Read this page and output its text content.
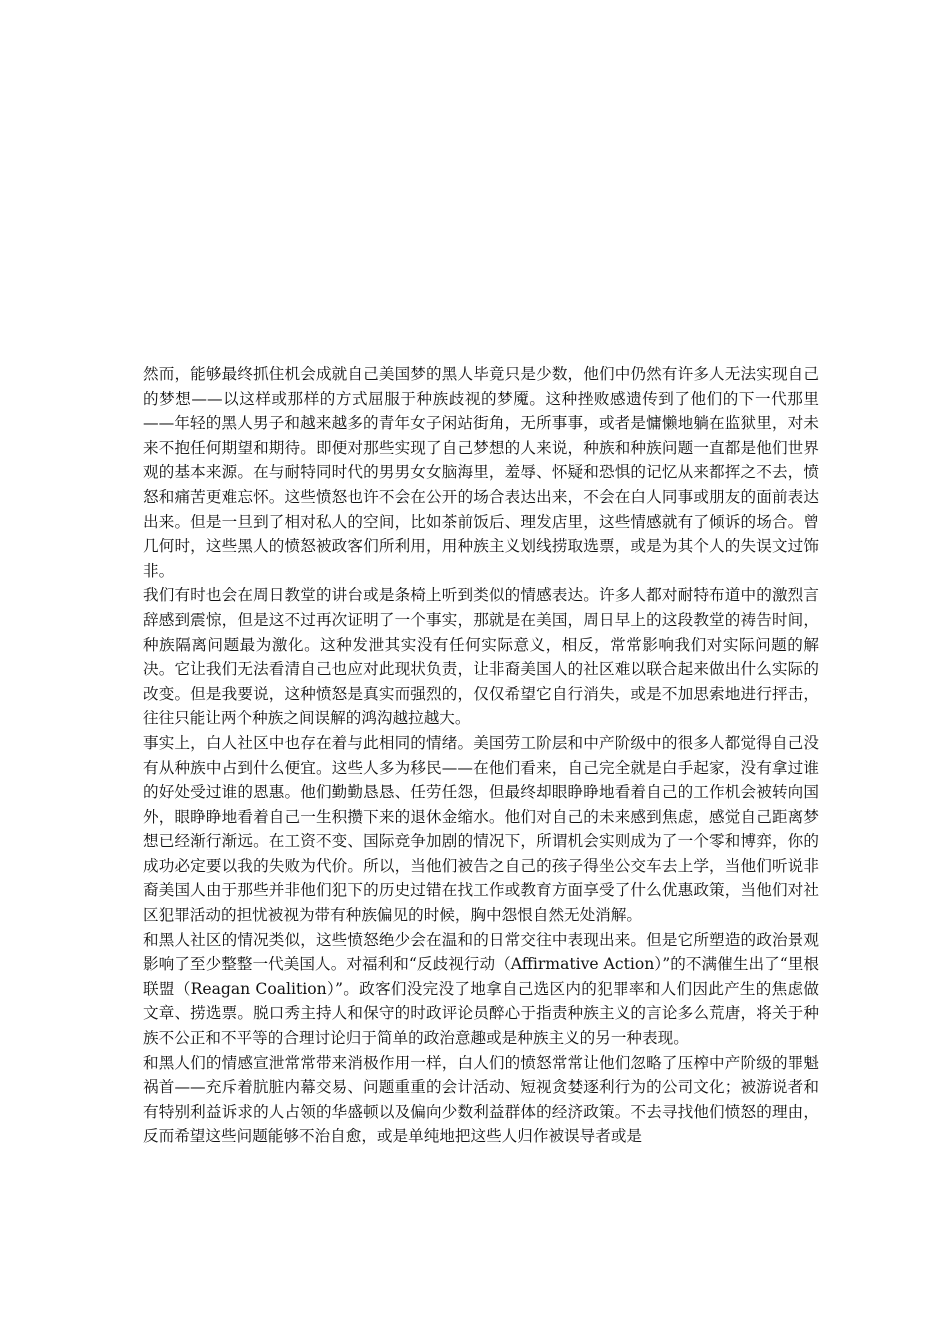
然而，能够最终抓住机会成就自己美国梦的黑人毕竟只是少数，他们中仍然有许多人无法实现自己的梦想——以这样或那样的方式屈服于种族歧视的梦魇。这种挫败感遗传到了他们的下一代那里——年轻的黑人男子和越来越多的青年女子闲站街角，无所事事，或者是慵懒地躺在监狱里，对未来不抱任何期望和期待。即便对那些实现了自己梦想的人来说，种族和种族问题一直都是他们世界观的基本来源。在与耐特同时代的男男女女脑海里，羞辱、怀疑和恐惧的记忆从来都挥之不去，愤怒和痛苦更难忘怀。这些愤怒也许不会在公开的场合表达出来，不会在白人同事或朋友的面前表达出来。但是一旦到了相对私人的空间，比如茶前饭后、理发店里，这些情感就有了倾诉的场合。曾几何时，这些黑人的愤怒被政客们所利用，用种族主义划线捞取选票，或是为其个人的失误文过饰非。

我们有时也会在周日教堂的讲台或是条椅上听到类似的情感表达。许多人都对耐特布道中的激烈言辞感到震惊，但是这不过再次证明了一个事实，那就是在美国，周日早上的这段教堂的祷告时间，种族隔离问题最为激化。这种发泄其实没有任何实际意义，相反，常常影响我们对实际问题的解决。它让我们无法看清自己也应对此现状负责，让非裔美国人的社区难以联合起来做出什么实际的改变。但是我要说，这种愤怒是真实而强烈的，仅仅希望它自行消失，或是不加思索地进行抨击，往往只能让两个种族之间误解的鸿沟越拉越大。

事实上，白人社区中也存在着与此相同的情绪。美国劳工阶层和中产阶级中的很多人都觉得自己没有从种族中占到什么便宜。这些人多为移民——在他们看来，自己完全就是白手起家，没有拿过谁的好处受过谁的恩惠。他们勤勤恳恳、任劳任怨，但最终却眼睁睁地看着自己的工作机会被转向国外，眼睁睁地看着自己一生积攒下来的退休金缩水。他们对自己的未来感到焦虑，感觉自己距离梦想已经渐行渐远。在工资不变、国际竞争加剧的情况下，所谓机会实则成为了一个零和博弈，你的成功必定要以我的失败为代价。所以，当他们被告之自己的孩子得坐公交车去上学，当他们听说非裔美国人由于那些并非他们犯下的历史过错在找工作或教育方面享受了什么优惠政策，当他们对社区犯罪活动的担忧被视为带有种族偏见的时候，胸中怨恨自然无处消解。

和黑人社区的情况类似，这些愤怒绝少会在温和的日常交往中表现出来。但是它所塑造的政治景观影响了至少整整一代美国人。对福利和“反歧视行动（Affirmative Action）”的不满催生出了“里根联盟（Reagan Coalition）”。政客们没完没了地拿自己选区内的犯罪率和人们因此产生的焦虑做文章、捞选票。脱口秀主持人和保守的时政评论员醉心于指责种族主义的言论多么荒唐，将关于种族不公正和不平等的合理讨论归于简单的政治意趣或是种族主义的另一种表现。

和黑人们的情感宣泄常常带来消极作用一样，白人们的愤怒常常让他们忽略了压榨中产阶级的罪魁祸首——充斥着肮脏内幕交易、问题重重的会计活动、短视贪婪逐利行为的公司文化；被游说者和有特别利益诉求的人占领的华盛顿以及偏向少数利益群体的经济政策。不去寻找他们愤怒的理由，反而希望这些问题能够不治自愈，或是单纯地把这些人归作被误导者或是
